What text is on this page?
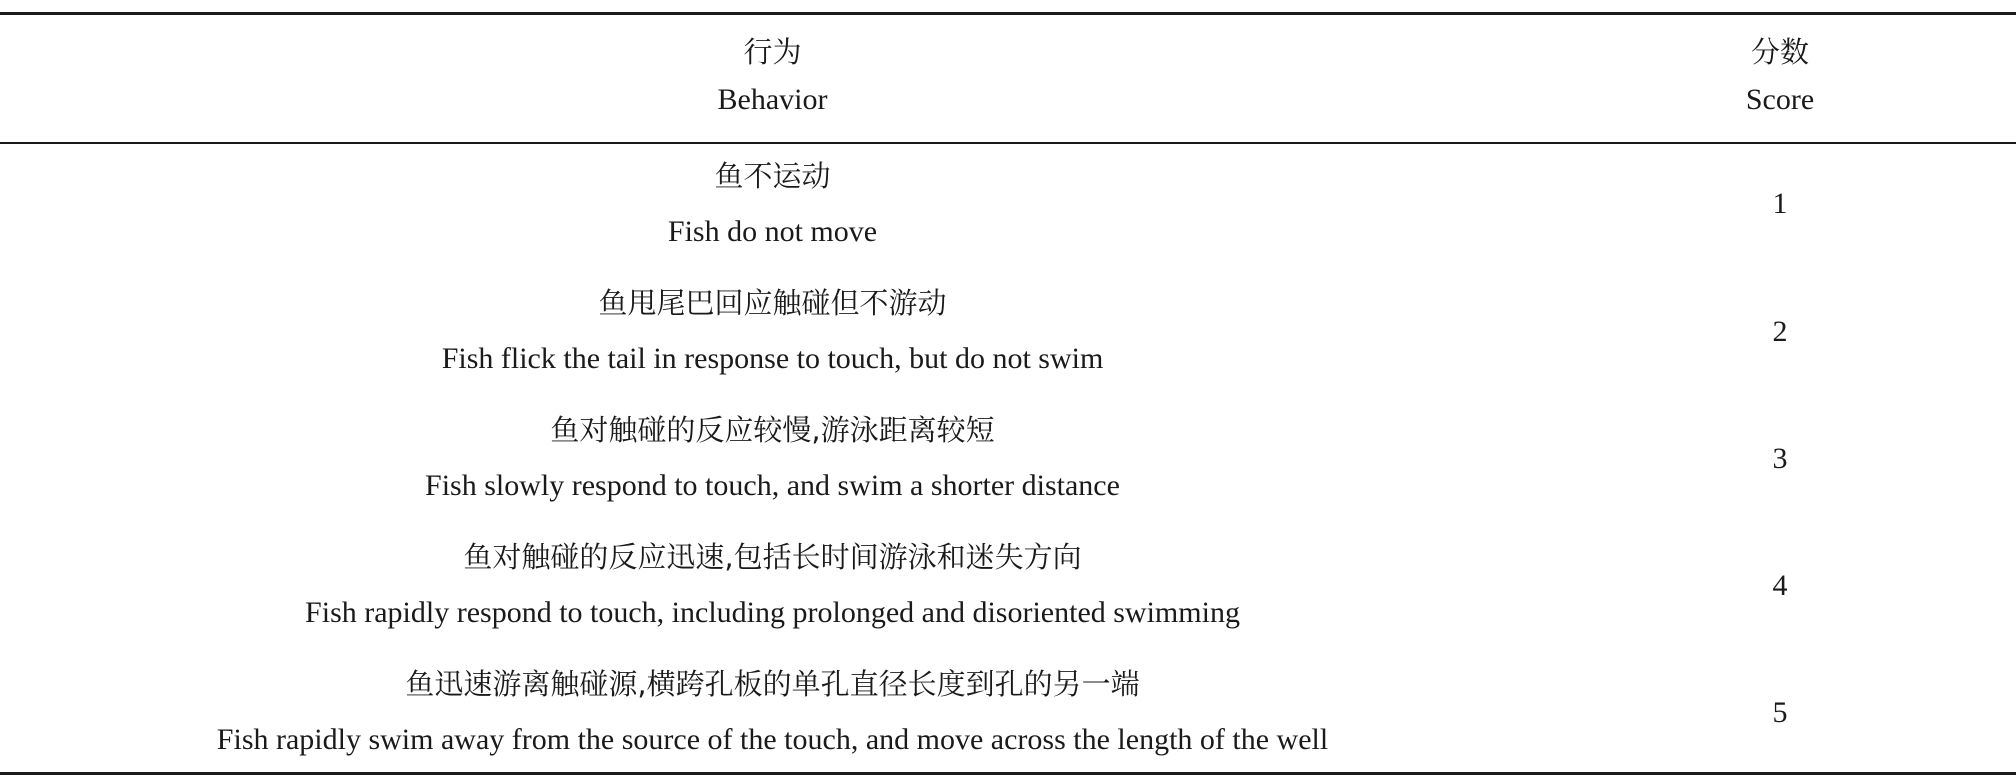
行为
Behavior
分数
Score
鱼不运动
Fish do not move
1
鱼甩尾巴回应触碰但不游动
Fish flick the tail in response to touch, but do not swim
2
鱼对触碰的反应较慢,游泳距离较短
Fish slowly respond to touch, and swim a shorter distance
3
鱼对触碰的反应迅速,包括长时间游泳和迷失方向
Fish rapidly respond to touch, including prolonged and disoriented swimming
4
鱼迅速游离触碰源,横跨孔板的单孔直径长度到孔的另一端
Fish rapidly swim away from the source of the touch, and move across the length of the well
5
